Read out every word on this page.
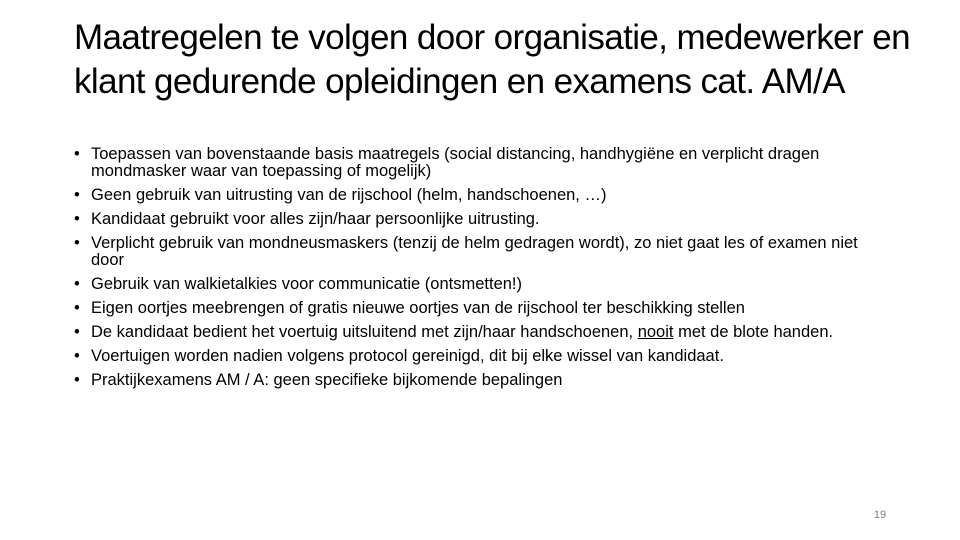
Maatregelen te volgen door organisatie, medewerker en klant gedurende opleidingen en examens cat. AM/A
• Toepassen van bovenstaande basis maatregels (social distancing, handhygiëne en verplicht dragen mondmasker waar van toepassing of mogelijk)
• Geen gebruik van uitrusting van de rijschool (helm, handschoenen, …)
• Kandidaat gebruikt voor alles zijn/haar persoonlijke uitrusting.
• Verplicht gebruik van mondneusmaskers (tenzij de helm gedragen wordt), zo niet gaat les of examen niet door
• Gebruik van walkietalkies voor communicatie (ontsmetten!)
• Eigen oortjes meebrengen of gratis nieuwe oortjes van de rijschool ter beschikking stellen
• De kandidaat bedient het voertuig uitsluitend met zijn/haar handschoenen, nooit met de blote handen.
• Voertuigen worden nadien volgens protocol gereinigd, dit bij elke wissel van kandidaat.
• Praktijkexamens AM / A: geen specifieke bijkomende bepalingen
19
